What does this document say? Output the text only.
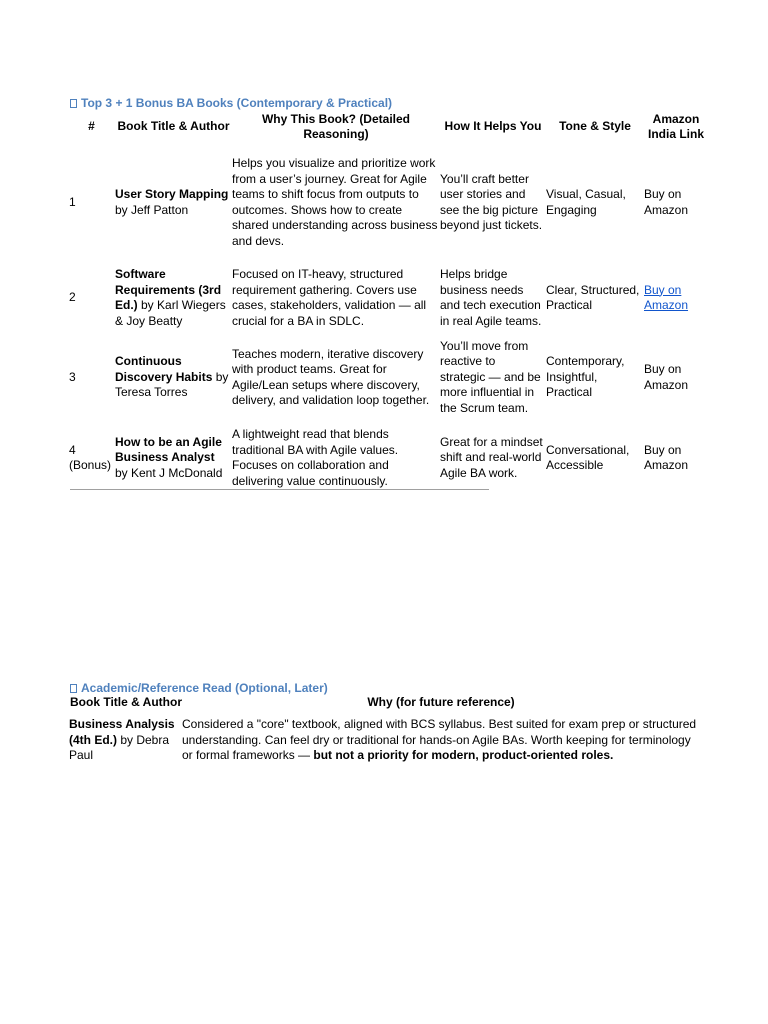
Top 3 + 1 Bonus BA Books (Contemporary & Practical)
#	Book Title & Author	Why This Book? (Detailed Reasoning)	How It Helps You	Tone & Style	Amazon India Link
1	User Story Mapping by Jeff Patton	Helps you visualize and prioritize work from a user’s journey. Great for Agile teams to shift focus from outputs to outcomes. Shows how to create shared understanding across business and devs.	You’ll craft better user stories and see the big picture beyond just tickets.	Visual, Casual, Engaging	Buy on Amazon
2	Software Requirements (3rd Ed.) by Karl Wiegers & Joy Beatty	Focused on IT-heavy, structured requirement gathering. Covers use cases, stakeholders, validation — all crucial for a BA in SDLC.	Helps bridge business needs and tech execution in real Agile teams.	Clear, Structured, Practical	Buy on Amazon
3	Continuous Discovery Habits by Teresa Torres	Teaches modern, iterative discovery with product teams. Great for Agile/Lean setups where discovery, delivery, and validation loop together.	You’ll move from reactive to strategic — and be more influential in the Scrum team.	Contemporary, Insightful, Practical	Buy on Amazon
4 (Bonus)	How to be an Agile Business Analyst by Kent J McDonald	A lightweight read that blends traditional BA with Agile values. Focuses on collaboration and delivering value continuously.	Great for a mindset shift and real-world Agile BA work.	Conversational, Accessible	Buy on Amazon
Academic/Reference Read (Optional, Later)
Book Title & Author	Why (for future reference)
Business Analysis (4th Ed.) by Debra Paul	Considered a "core" textbook, aligned with BCS syllabus. Best suited for exam prep or structured understanding. Can feel dry or traditional for hands-on Agile BAs. Worth keeping for terminology or formal frameworks — but not a priority for modern, product-oriented roles.
